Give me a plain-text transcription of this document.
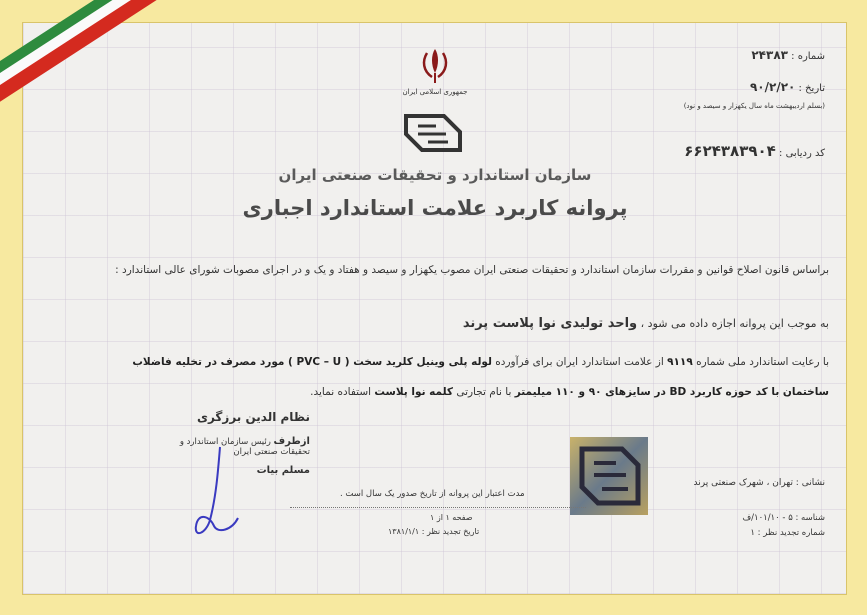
جمهوری اسلامی ایران
سازمان استاندارد و تحقیقات صنعتی ایران
پروانه کاربرد علامت استاندارد اجباری
شماره : ۲۴۳۸۳
تاریخ : ۹۰/۲/۲۰
(بسلم اردیبهشت ماه سال یکهزار و سیصد و نود)
کد ردیابی : ۶۶۲۴۳۸۳۹۰۴
براساس قانون اصلاح قوانین و مقررات سازمان استاندارد و تحقیقات صنعتی ایران مصوب یکهزار و سیصد و هفتاد و یک و در اجرای مصوبات شورای عالی استاندارد :
به موجب این پروانه اجازه داده می شود ، واحد تولیدی نوا پلاست پرند
با رعایت استاندارد ملی شماره ۹۱۱۹ از علامت استاندارد ایران برای فرآورده لوله پلی وینیل کلرید سخت ( PVC – U ) مورد مصرف در تخلیه فاضلاب
ساختمان با کد حوزه کاربرد BD در سایزهای ۹۰ و ۱۱۰ میلیمتر با نام تجارتی کلمه نوا پلاست استفاده نماید.
نظام الدین برزگری
ازطرف رئیس سازمان استاندارد و تحقیقات صنعتی ایران
مسلم بیات
نشانی : تهران ، شهرک صنعتی پرند
مدت اعتبار این پروانه از تاریخ صدور یک سال است .
صفحه ۱ از ۱
تاریخ تجدید نظر : ۱۳۸۱/۱/۱
شناسه : ۵ - ۱۰۱/۱۰/ف
شماره تجدید نظر : ۱
